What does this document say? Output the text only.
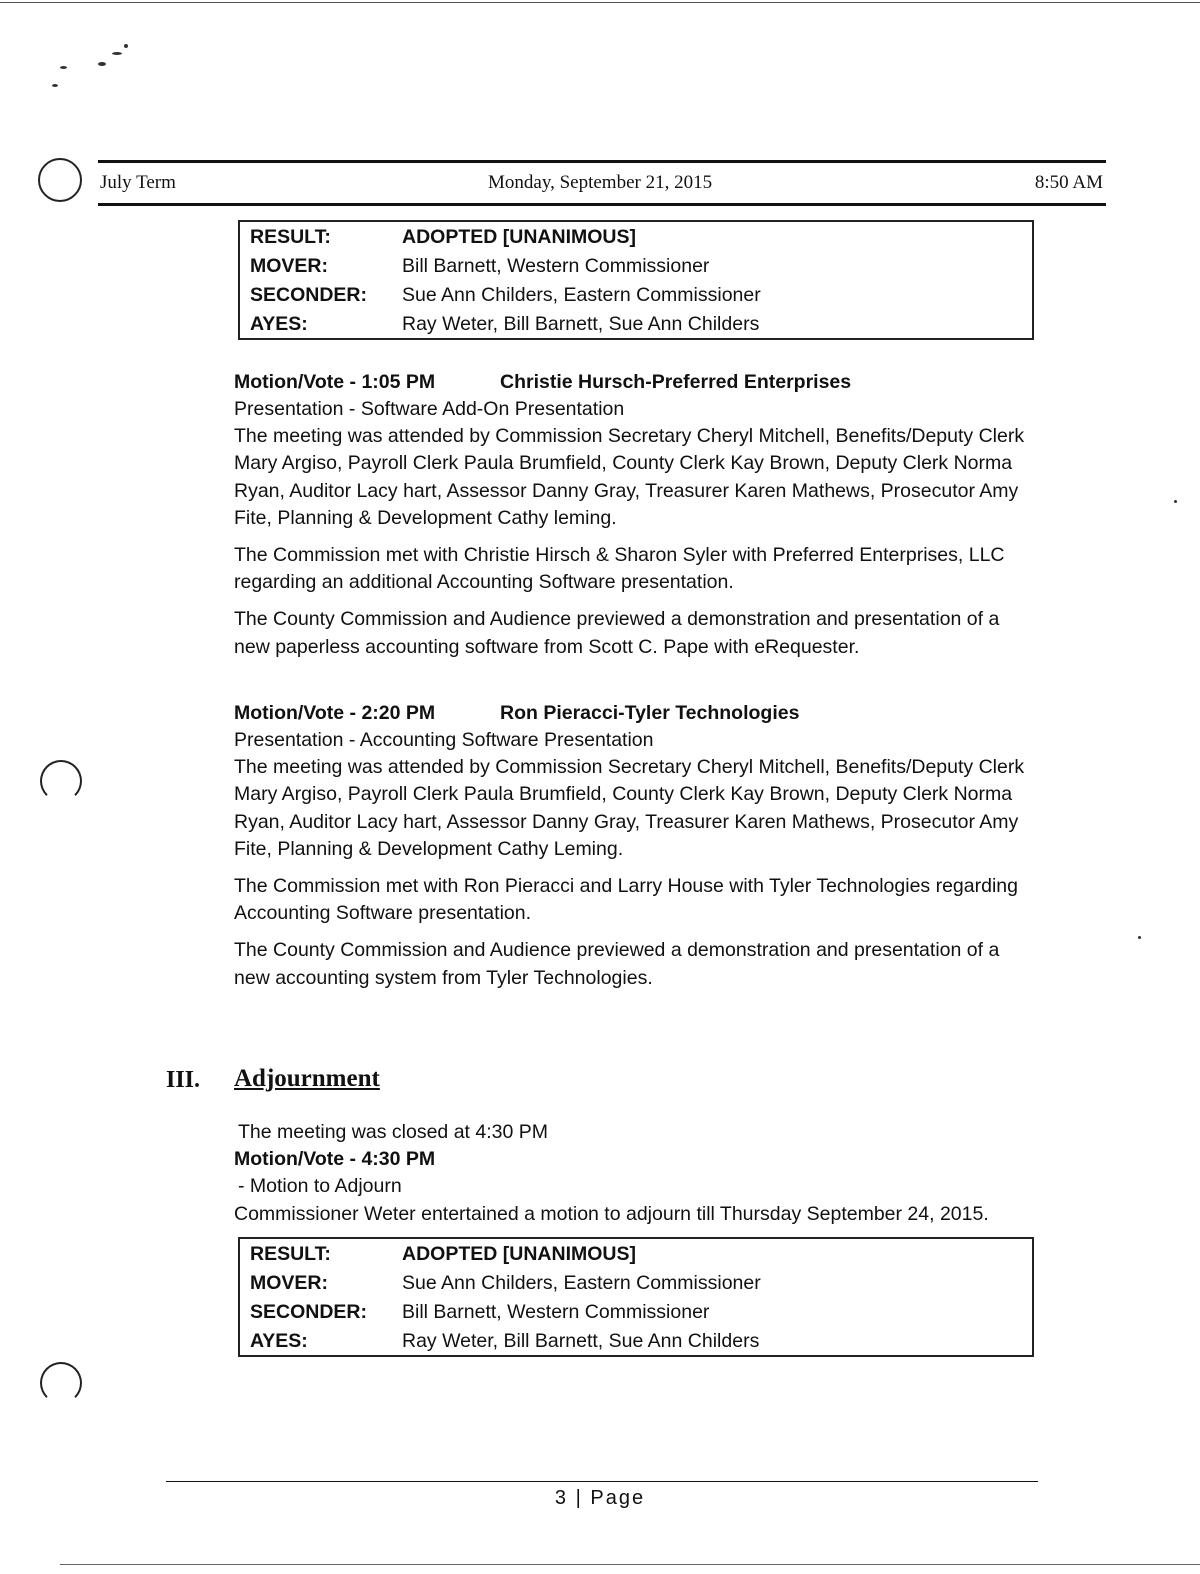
July Term	Monday, September 21, 2015	8:50 AM
RESULT:	ADOPTED [UNANIMOUS]
MOVER:	Bill Barnett, Western Commissioner
SECONDER: Sue Ann Childers, Eastern Commissioner
AYES:	Ray Weter, Bill Barnett, Sue Ann Childers
Motion/Vote - 1:05 PM	Christie Hursch-Preferred Enterprises

Presentation - Software Add-On Presentation

The meeting was attended by Commission Secretary Cheryl Mitchell, Benefits/Deputy Clerk Mary Argiso, Payroll Clerk Paula Brumfield, County Clerk Kay Brown, Deputy Clerk Norma Ryan, Auditor Lacy hart, Assessor Danny Gray, Treasurer Karen Mathews, Prosecutor Amy Fite, Planning & Development Cathy leming.

The Commission met with Christie Hirsch & Sharon Syler with Preferred Enterprises, LLC regarding an additional Accounting Software presentation.

The County Commission and Audience previewed a demonstration and presentation of a new paperless accounting software from Scott C. Pape with eRequester.

Motion/Vote - 2:20 PM	Ron Pieracci-Tyler Technologies

Presentation - Accounting Software Presentation

The meeting was attended by Commission Secretary Cheryl Mitchell, Benefits/Deputy Clerk Mary Argiso, Payroll Clerk Paula Brumfield, County Clerk Kay Brown, Deputy Clerk Norma Ryan, Auditor Lacy hart, Assessor Danny Gray, Treasurer Karen Mathews, Prosecutor Amy Fite, Planning & Development Cathy Leming.

The Commission met with Ron Pieracci and Larry House with Tyler Technologies regarding Accounting Software presentation.

The County Commission and Audience previewed a demonstration and presentation of a new accounting system from Tyler Technologies.

III. Adjournment

The meeting was closed at 4:30 PM

Motion/Vote - 4:30 PM

- Motion to Adjourn

Commissioner Weter entertained a motion to adjourn till Thursday September 24, 2015.

RESULT:	ADOPTED [UNANIMOUS]
MOVER:	Sue Ann Childers, Eastern Commissioner
SECONDER: Bill Barnett, Western Commissioner
AYES:	Ray Weter, Bill Barnett, Sue Ann Childers
3 | Page
